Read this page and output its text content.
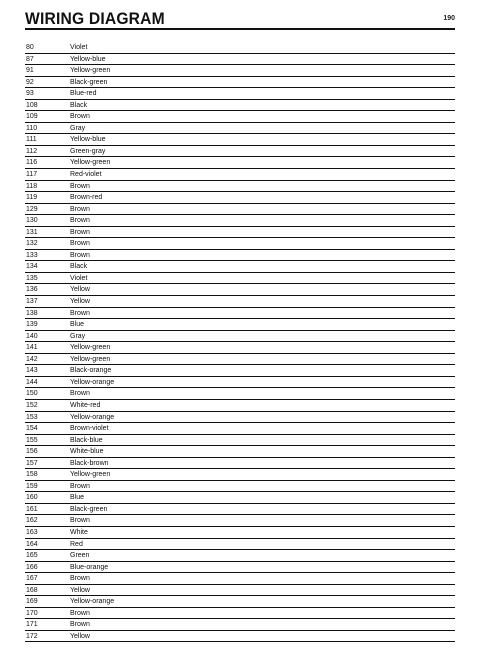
WIRING DIAGRAM	190
80	Violet
87	Yellow-blue
91	Yellow-green
92	Black-green
93	Blue-red
108	Black
109	Brown
110	Gray
111	Yellow-blue
112	Green-gray
116	Yellow-green
117	Red-violet
118	Brown
119	Brown-red
129	Brown
130	Brown
131	Brown
132	Brown
133	Brown
134	Black
135	Violet
136	Yellow
137	Yellow
138	Brown
139	Blue
140	Gray
141	Yellow-green
142	Yellow-green
143	Black-orange
144	Yellow-orange
150	Brown
152	White-red
153	Yellow-orange
154	Brown-violet
155	Black-blue
156	White-blue
157	Black-brown
158	Yellow-green
159	Brown
160	Blue
161	Black-green
162	Brown
163	White
164	Red
165	Green
166	Blue-orange
167	Brown
168	Yellow
169	Yellow-orange
170	Brown
171	Brown
172	Yellow
